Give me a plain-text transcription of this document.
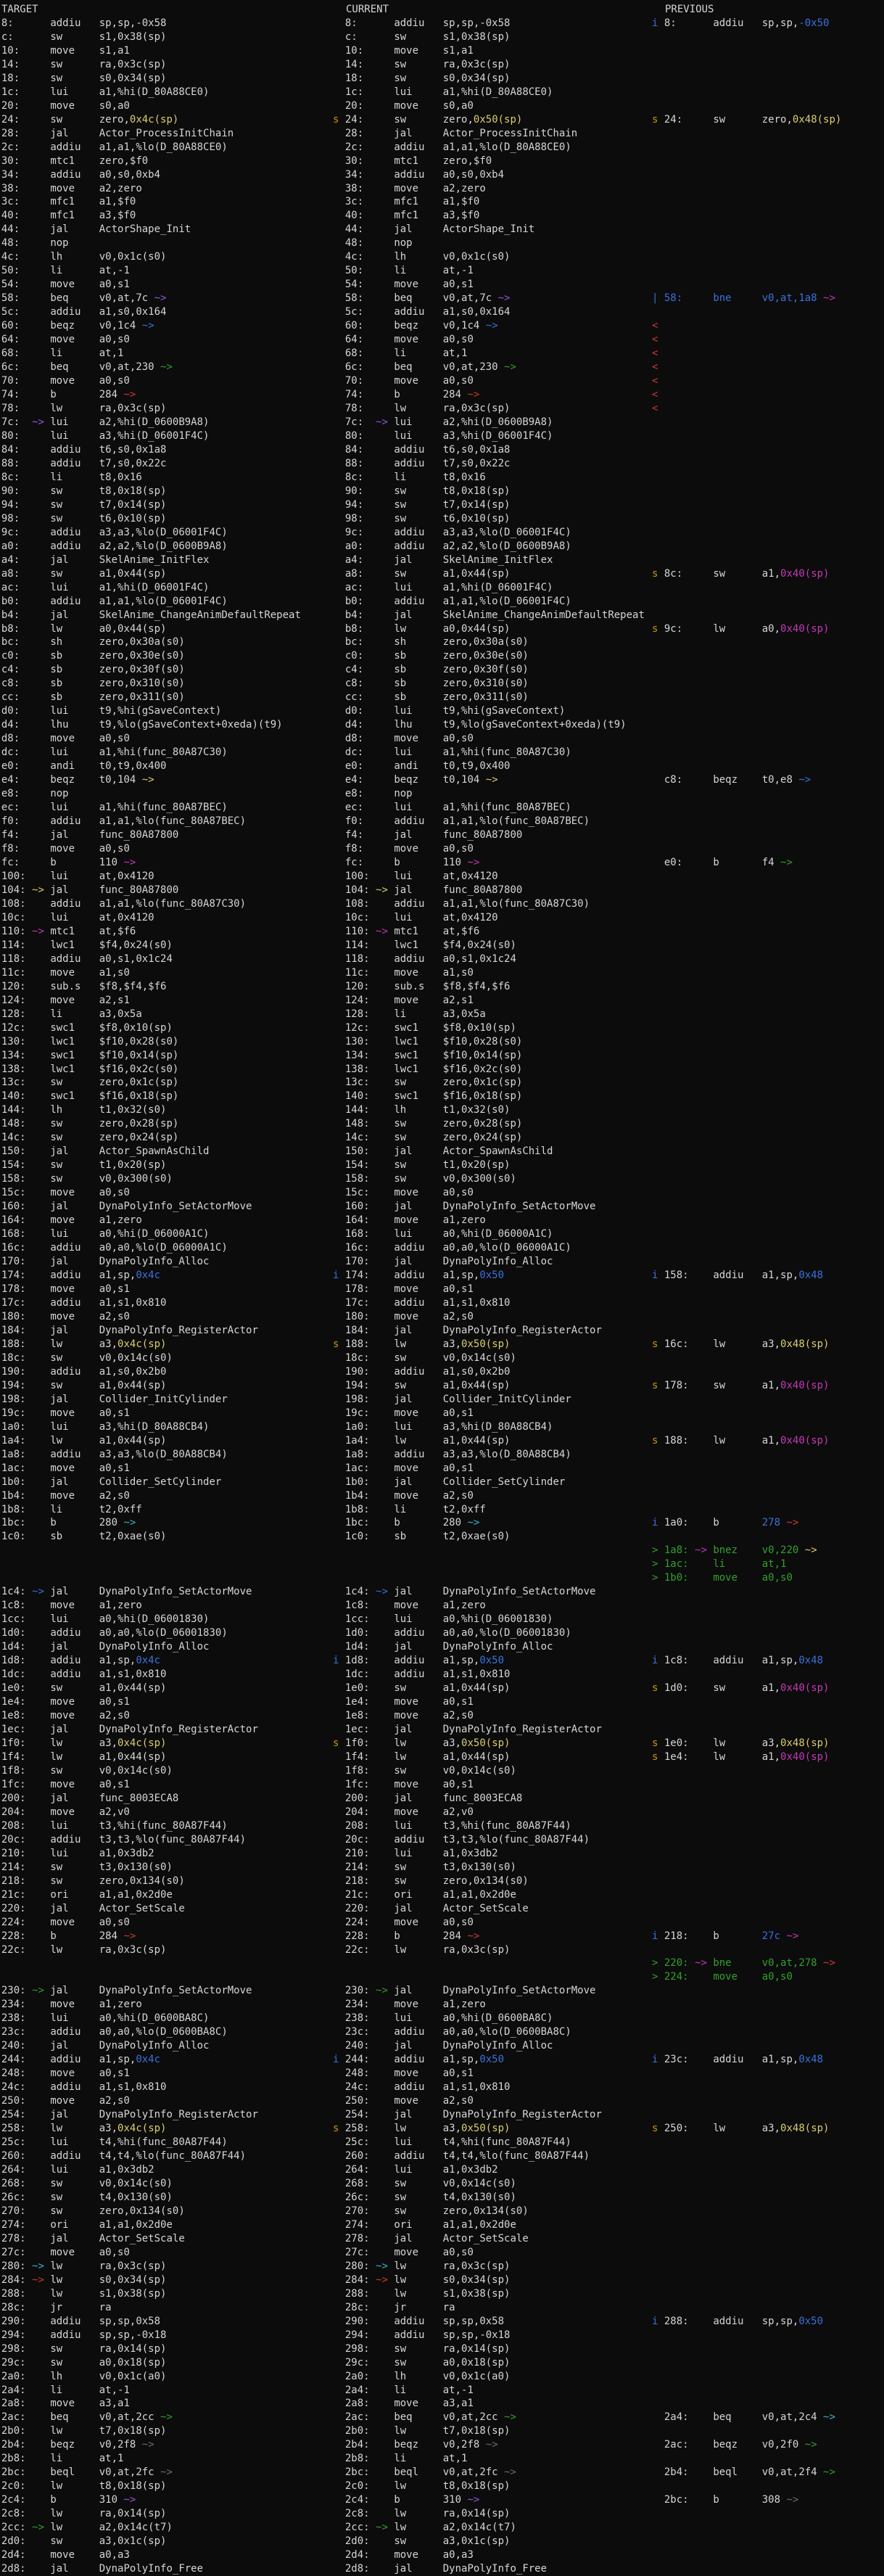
TARGET	CURRENT	PREVIOUS
8:      addiu   sp,sp,-0x58
c:      sw      s1,0x38(sp)
10:     move    s1,a1
14:     sw      ra,0x3c(sp)
18:     sw      s0,0x34(sp)
1c:     lui     a1,%hi(D_80A88CE0)
20:     move    s0,a0
24:     sw      zero,0x4c(sp)
28:     jal     Actor_ProcessInitChain
2c:     addiu   a1,a1,%lo(D_80A88CE0)
30:     mtc1    zero,$f0
34:     addiu   a0,s0,0xb4
38:     move    a2,zero
3c:     mfc1    a1,$f0
40:     mfc1    a3,$f0
44:     jal     ActorShape_Init
48:     nop
4c:     lh      v0,0x1c(s0)
50:     li      at,-1
54:     move    a0,s1
58:     beq     v0,at,7c ~>
5c:     addiu   a1,s0,0x164
60:     beqz    v0,1c4 ~>
64:     move    a0,s0
68:     li      at,1
6c:     beq     v0,at,230 ~>
70:     move    a0,s0
74:     b       284 ~>
78:     lw      ra,0x3c(sp)
7c:  ~> lui     a2,%hi(D_0600B9A8)
80:     lui     a3,%hi(D_06001F4C)
84:     addiu   t6,s0,0x1a8
88:     addiu   t7,s0,0x22c
8c:     li      t8,0x16
90:     sw      t8,0x18(sp)
94:     sw      t7,0x14(sp)
98:     sw      t6,0x10(sp)
9c:     addiu   a3,a3,%lo(D_06001F4C)
a0:     addiu   a2,a2,%lo(D_0600B9A8)
a4:     jal     SkelAnime_InitFlex
a8:     sw      a1,0x44(sp)
ac:     lui     a1,%hi(D_06001F4C)
b0:     addiu   a1,a1,%lo(D_06001F4C)
b4:     jal     SkelAnime_ChangeAnimDefaultRepeat
b8:     lw      a0,0x44(sp)
bc:     sh      zero,0x30a(s0)
c0:     sb      zero,0x30e(s0)
c4:     sb      zero,0x30f(s0)
c8:     sb      zero,0x310(s0)
cc:     sb      zero,0x311(s0)
d0:     lui     t9,%hi(gSaveContext)
d4:     lhu     t9,%lo(gSaveContext+0xeda)(t9)
d8:     move    a0,s0
dc:     lui     a1,%hi(func_80A87C30)
e0:     andi    t0,t9,0x400
e4:     beqz    t0,104 ~>
e8:     nop
ec:     lui     a1,%hi(func_80A87BEC)
f0:     addiu   a1,a1,%lo(func_80A87BEC)
f4:     jal     func_80A87800
f8:     move    a0,s0
fc:     b       110 ~>
100:    lui     at,0x4120
104: ~> jal     func_80A87800
108:    addiu   a1,a1,%lo(func_80A87C30)
10c:    lui     at,0x4120
110: ~> mtc1    at,$f6
114:    lwc1    $f4,0x24(s0)
118:    addiu   a0,s1,0x1c24
11c:    move    a1,s0
120:    sub.s   $f8,$f4,$f6
124:    move    a2,s1
128:    li      a3,0x5a
12c:    swc1    $f8,0x10(sp)
130:    lwc1    $f10,0x28(s0)
134:    swc1    $f10,0x14(sp)
138:    lwc1    $f16,0x2c(s0)
13c:    sw      zero,0x1c(sp)
140:    swc1    $f16,0x18(sp)
144:    lh      t1,0x32(s0)
148:    sw      zero,0x28(sp)
14c:    sw      zero,0x24(sp)
150:    jal     Actor_SpawnAsChild
154:    sw      t1,0x20(sp)
158:    sw      v0,0x300(s0)
15c:    move    a0,s0
160:    jal     DynaPolyInfo_SetActorMove
164:    move    a1,zero
168:    lui     a0,%hi(D_06000A1C)
16c:    addiu   a0,a0,%lo(D_06000A1C)
170:    jal     DynaPolyInfo_Alloc
174:    addiu   a1,sp,0x4c
178:    move    a0,s1
17c:    addiu   a1,s1,0x810
180:    move    a2,s0
184:    jal     DynaPolyInfo_RegisterActor
188:    lw      a3,0x4c(sp)
18c:    sw      v0,0x14c(s0)
190:    addiu   a1,s0,0x2b0
194:    sw      a1,0x44(sp)
198:    jal     Collider_InitCylinder
19c:    move    a0,s1
1a0:    lui     a3,%hi(D_80A88CB4)
1a4:    lw      a1,0x44(sp)
1a8:    addiu   a3,a3,%lo(D_80A88CB4)
1ac:    move    a0,s1
1b0:    jal     Collider_SetCylinder
1b4:    move    a2,s0
1b8:    li      t2,0xff
1bc:    b       280 ~>
1c0:    sb      t2,0xae(s0)
1c4: ~> jal     DynaPolyInfo_SetActorMove
1c8:    move    a1,zero
1cc:    lui     a0,%hi(D_06001830)
1d0:    addiu   a0,a0,%lo(D_06001830)
1d4:    jal     DynaPolyInfo_Alloc
1d8:    addiu   a1,sp,0x4c
1dc:    addiu   a1,s1,0x810
1e0:    sw      a1,0x44(sp)
1e4:    move    a0,s1
1e8:    move    a2,s0
1ec:    jal     DynaPolyInfo_RegisterActor
1f0:    lw      a3,0x4c(sp)
1f4:    lw      a1,0x44(sp)
1f8:    sw      v0,0x14c(s0)
1fc:    move    a0,s1
200:    jal     func_8003ECA8
204:    move    a2,v0
208:    lui     t3,%hi(func_80A87F44)
20c:    addiu   t3,t3,%lo(func_80A87F44)
210:    lui     a1,0x3db2
214:    sw      t3,0x130(s0)
218:    sw      zero,0x134(s0)
21c:    ori     a1,a1,0x2d0e
220:    jal     Actor_SetScale
224:    move    a0,s0
228:    b       284 ~>
22c:    lw      ra,0x3c(sp)
230: ~> jal     DynaPolyInfo_SetActorMove
234:    move    a1,zero
238:    lui     a0,%hi(D_0600BA8C)
23c:    addiu   a0,a0,%lo(D_0600BA8C)
240:    jal     DynaPolyInfo_Alloc
244:    addiu   a1,sp,0x4c
248:    move    a0,s1
24c:    addiu   a1,s1,0x810
250:    move    a2,s0
254:    jal     DynaPolyInfo_RegisterActor
258:    lw      a3,0x4c(sp)
25c:    lui     t4,%hi(func_80A87F44)
260:    addiu   t4,t4,%lo(func_80A87F44)
264:    lui     a1,0x3db2
268:    sw      v0,0x14c(s0)
26c:    sw      t4,0x130(s0)
270:    sw      zero,0x134(s0)
274:    ori     a1,a1,0x2d0e
278:    jal     Actor_SetScale
27c:    move    a0,s0
280: ~> lw      ra,0x3c(sp)
284: ~> lw      s0,0x34(sp)
288:    lw      s1,0x38(sp)
28c:    jr      ra
290:    addiu   sp,sp,0x58
294:    addiu   sp,sp,-0x18
298:    sw      ra,0x14(sp)
29c:    sw      a0,0x18(sp)
2a0:    lh      v0,0x1c(a0)
2a4:    li      at,-1
2a8:    move    a3,a1
2ac:    beq     v0,at,2cc ~>
2b0:    lw      t7,0x18(sp)
2b4:    beqz    v0,2f8 ~>
2b8:    li      at,1
2bc:    beql    v0,at,2fc ~>
2c0:    lw      t8,0x18(sp)
2c4:    b       310 ~>
2c8:    lw      ra,0x14(sp)
2cc: ~> lw      a2,0x14c(t7)
2d0:    sw      a3,0x1c(sp)
2d4:    move    a0,a3
2d8:    jal     DynaPolyInfo_Free
8:      addiu   sp,sp,-0x58
c:      sw      s1,0x38(sp)
10:     move    s1,a1
14:     sw      ra,0x3c(sp)
18:     sw      s0,0x34(sp)
1c:     lui     a1,%hi(D_80A88CE0)
20:     move    s0,a0
s 24:     sw      zero,0x50(sp)
28:     jal     Actor_ProcessInitChain
2c:     addiu   a1,a1,%lo(D_80A88CE0)
30:     mtc1    zero,$f0
34:     addiu   a0,s0,0xb4
38:     move    a2,zero
3c:     mfc1    a1,$f0
40:     mfc1    a3,$f0
44:     jal     ActorShape_Init
48:     nop
4c:     lh      v0,0x1c(s0)
50:     li      at,-1
54:     move    a0,s1
58:     beq     v0,at,7c ~>
5c:     addiu   a1,s0,0x164
60:     beqz    v0,1c4 ~>
64:     move    a0,s0
68:     li      at,1
6c:     beq     v0,at,230 ~>
70:     move    a0,s0
74:     b       284 ~>
78:     lw      ra,0x3c(sp)
7c:  ~> lui     a2,%hi(D_0600B9A8)
80:     lui     a3,%hi(D_06001F4C)
84:     addiu   t6,s0,0x1a8
88:     addiu   t7,s0,0x22c
8c:     li      t8,0x16
90:     sw      t8,0x18(sp)
94:     sw      t7,0x14(sp)
98:     sw      t6,0x10(sp)
9c:     addiu   a3,a3,%lo(D_06001F4C)
a0:     addiu   a2,a2,%lo(D_0600B9A8)
a4:     jal     SkelAnime_InitFlex
a8:     sw      a1,0x44(sp)
ac:     lui     a1,%hi(D_06001F4C)
b0:     addiu   a1,a1,%lo(D_06001F4C)
b4:     jal     SkelAnime_ChangeAnimDefaultRepeat
b8:     lw      a0,0x44(sp)
bc:     sh      zero,0x30a(s0)
c0:     sb      zero,0x30e(s0)
c4:     sb      zero,0x30f(s0)
c8:     sb      zero,0x310(s0)
cc:     sb      zero,0x311(s0)
d0:     lui     t9,%hi(gSaveContext)
d4:     lhu     t9,%lo(gSaveContext+0xeda)(t9)
d8:     move    a0,s0
dc:     lui     a1,%hi(func_80A87C30)
e0:     andi    t0,t9,0x400
e4:     beqz    t0,104 ~>
e8:     nop
ec:     lui     a1,%hi(func_80A87BEC)
f0:     addiu   a1,a1,%lo(func_80A87BEC)
f4:     jal     func_80A87800
f8:     move    a0,s0
fc:     b       110 ~>
100:    lui     at,0x4120
104: ~> jal     func_80A87800
108:    addiu   a1,a1,%lo(func_80A87C30)
10c:    lui     at,0x4120
110: ~> mtc1    at,$f6
114:    lwc1    $f4,0x24(s0)
118:    addiu   a0,s1,0x1c24
11c:    move    a1,s0
120:    sub.s   $f8,$f4,$f6
124:    move    a2,s1
128:    li      a3,0x5a
12c:    swc1    $f8,0x10(sp)
130:    lwc1    $f10,0x28(s0)
134:    swc1    $f10,0x14(sp)
138:    lwc1    $f16,0x2c(s0)
13c:    sw      zero,0x1c(sp)
140:    swc1    $f16,0x18(sp)
144:    lh      t1,0x32(s0)
148:    sw      zero,0x28(sp)
14c:    sw      zero,0x24(sp)
150:    jal     Actor_SpawnAsChild
154:    sw      t1,0x20(sp)
158:    sw      v0,0x300(s0)
15c:    move    a0,s0
160:    jal     DynaPolyInfo_SetActorMove
164:    move    a1,zero
168:    lui     a0,%hi(D_06000A1C)
16c:    addiu   a0,a0,%lo(D_06000A1C)
170:    jal     DynaPolyInfo_Alloc
i 174:    addiu   a1,sp,0x50
178:    move    a0,s1
17c:    addiu   a1,s1,0x810
180:    move    a2,s0
184:    jal     DynaPolyInfo_RegisterActor
s 188:    lw      a3,0x50(sp)
18c:    sw      v0,0x14c(s0)
190:    addiu   a1,s0,0x2b0
194:    sw      a1,0x44(sp)
198:    jal     Collider_InitCylinder
19c:    move    a0,s1
1a0:    lui     a3,%hi(D_80A88CB4)
1a4:    lw      a1,0x44(sp)
1a8:    addiu   a3,a3,%lo(D_80A88CB4)
1ac:    move    a0,s1
1b0:    jal     Collider_SetCylinder
1b4:    move    a2,s0
1b8:    li      t2,0xff
1bc:    b       280 ~>
1c0:    sb      t2,0xae(s0)
1c4: ~> jal     DynaPolyInfo_SetActorMove
1c8:    move    a1,zero
1cc:    lui     a0,%hi(D_06001830)
1d0:    addiu   a0,a0,%lo(D_06001830)
1d4:    jal     DynaPolyInfo_Alloc
i 1d8:    addiu   a1,sp,0x50
1dc:    addiu   a1,s1,0x810
1e0:    sw      a1,0x44(sp)
1e4:    move    a0,s1
1e8:    move    a2,s0
1ec:    jal     DynaPolyInfo_RegisterActor
s 1f0:    lw      a3,0x50(sp)
1f4:    lw      a1,0x44(sp)
1f8:    sw      v0,0x14c(s0)
1fc:    move    a0,s1
200:    jal     func_8003ECA8
204:    move    a2,v0
208:    lui     t3,%hi(func_80A87F44)
20c:    addiu   t3,t3,%lo(func_80A87F44)
210:    lui     a1,0x3db2
214:    sw      t3,0x130(s0)
218:    sw      zero,0x134(s0)
21c:    ori     a1,a1,0x2d0e
220:    jal     Actor_SetScale
224:    move    a0,s0
228:    b       284 ~>
22c:    lw      ra,0x3c(sp)
230: ~> jal     DynaPolyInfo_SetActorMove
234:    move    a1,zero
238:    lui     a0,%hi(D_0600BA8C)
23c:    addiu   a0,a0,%lo(D_0600BA8C)
240:    jal     DynaPolyInfo_Alloc
i 244:    addiu   a1,sp,0x50
248:    move    a0,s1
24c:    addiu   a1,s1,0x810
250:    move    a2,s0
254:    jal     DynaPolyInfo_RegisterActor
s 258:    lw      a3,0x50(sp)
25c:    lui     t4,%hi(func_80A87F44)
260:    addiu   t4,t4,%lo(func_80A87F44)
264:    lui     a1,0x3db2
268:    sw      v0,0x14c(s0)
26c:    sw      t4,0x130(s0)
270:    sw      zero,0x134(s0)
274:    ori     a1,a1,0x2d0e
278:    jal     Actor_SetScale
27c:    move    a0,s0
280: ~> lw      ra,0x3c(sp)
284: ~> lw      s0,0x34(sp)
288:    lw      s1,0x38(sp)
28c:    jr      ra
290:    addiu   sp,sp,0x58
294:    addiu   sp,sp,-0x18
298:    sw      ra,0x14(sp)
29c:    sw      a0,0x18(sp)
2a0:    lh      v0,0x1c(a0)
2a4:    li      at,-1
2a8:    move    a3,a1
2ac:    beq     v0,at,2cc ~>
2b0:    lw      t7,0x18(sp)
2b4:    beqz    v0,2f8 ~>
2b8:    li      at,1
2bc:    beql    v0,at,2fc ~>
2c0:    lw      t8,0x18(sp)
2c4:    b       310 ~>
2c8:    lw      ra,0x14(sp)
2cc: ~> lw      a2,0x14c(t7)
2d0:    sw      a3,0x1c(sp)
2d4:    move    a0,a3
2d8:    jal     DynaPolyInfo_Free
i 8:      addiu   sp,sp,-0x50
s 24:     sw      zero,0x48(sp)
| 58:     bne     v0,at,1a8 ~>
<
<
<
<
<
<
<
s 8c:     sw      a1,0x40(sp)
s 9c:     lw      a0,0x40(sp)
c8:     beqz    t0,e8 ~>
e0:     b       f4 ~>
i 158:    addiu   a1,sp,0x48
s 16c:    lw      a3,0x48(sp)
s 178:    sw      a1,0x40(sp)
s 188:    lw      a1,0x40(sp)
i 1a0:    b       278 ~>
> 1a8: ~> bnez    v0,220 ~>
> 1ac:    li      at,1
> 1b0:    move    a0,s0
i 1c8:    addiu   a1,sp,0x48
s 1d0:    sw      a1,0x40(sp)
s 1e0:    lw      a3,0x48(sp)
s 1e4:    lw      a1,0x40(sp)
i 218:    b       27c ~>
> 220: ~> bne     v0,at,278 ~>
> 224:    move    a0,s0
i 23c:    addiu   a1,sp,0x48
s 250:    lw      a3,0x48(sp)
i 288:    addiu   sp,sp,0x50
2a4:    beq     v0,at,2c4 ~>
2ac:    beqz    v0,2f0 ~>
2b4:    beql    v0,at,2f4 ~>
2bc:    b       308 ~>
